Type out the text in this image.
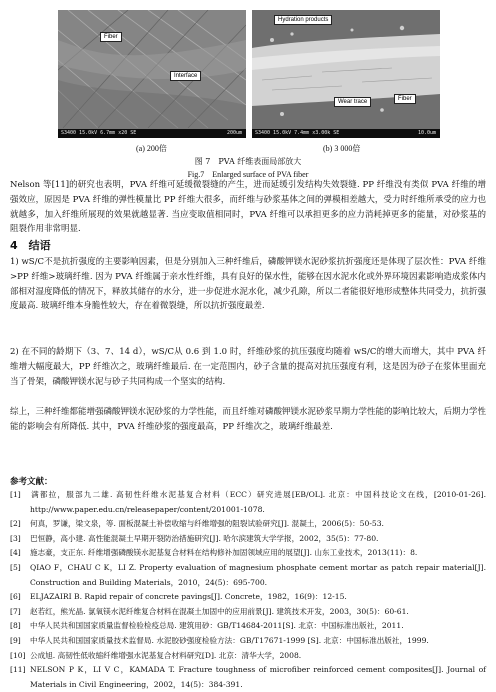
Fiber
Interface
S3400 15.0kV 6.7mm x20 SE	200um
Hydration products
Wear trace	Fiber
S3400 15.0kV 7.4mm x3.00k SE	10.0um
(a) 200倍	(b) 3 000倍
图 7　PVA 纤维表面局部放大
Fig.7　Enlarged surface of PVA fiber
Nelson 等[11]的研究也表明，PVA 纤维可延缓微裂缝的产生，进而延缓引发结构失效裂缝. PP 纤维没有类似 PVA 纤维的增强效应，原因是 PVA 纤维的弹性模量比 PP 纤维大很多，而纤维与砂浆基体之间的弹模相差越大，受力时纤维所承受的应力也就越多，加入纤维所展现的效果就越显著. 当应变取值相同时，PVA 纤维可以承担更多的应力消耗掉更多的能量，对砂浆基的阻裂作用非常明显.
4　结语
1) wS/C不是抗折强度的主要影响因素，但是分别加入三种纤维后，磷酸钾镁水泥砂浆抗折强度还是体现了层次性：PVA 纤维>PP 纤维>玻璃纤维. 因为 PVA 纤维属于亲水性纤维，具有良好的保水性，能够在因水泥水化或外界环境因素影响造成浆体内部相对湿度降低的情况下，释放其储存的水分，进一步促进水泥水化，减少孔隙，所以二者能很好地形成整体共同受力，抗折强度最高. 玻璃纤维本身脆性较大，存在着微裂缝，所以抗折强度最差.
2) 在不同的龄期下（3、7、14 d），wS/C从 0.6 到 1.0 时，纤维砂浆的抗压强度均随着 wS/C的增大而增大，其中 PVA 纤维增大幅度最大，PP 纤维次之，玻璃纤维最后. 在一定范围内，砂子含量的提高对抗压强度有利，这是因为砂子在浆体里面充当了骨架，磷酸钾镁水泥与砂子共同构成一个坚实的结构.
综上，三种纤维都能增强磷酸钾镁水泥砂浆的力学性能，而且纤维对磷酸钾镁水泥砂浆早期力学性能的影响比较大，后期力学性能的影响会有所降低. 其中，PVA 纤维砂浆的强度最高，PP 纤维次之，玻璃纤维最差.
参考文献：
[1] 满都拉，服部九二雄. 高韧性纤维水泥基复合材料（ECC）研究进展[EB/OL]. 北京：中国科技论文在线，[2010-01-26]. http://www.paper.edu.cn/releasepaper/content/201001-1078.
[2] 何真，罗谦，梁文泉，等. 面板混凝土补偿收缩与纤维增强的阻裂试验研究[J]. 混凝土，2006(5)：50-53.
[3] 巴恒静，高小建. 高性能混凝土早期开裂防治措施研究[J]. 哈尔滨建筑大学学报，2002，35(5)：77-80.
[4] 施志豪，支正东. 纤维增强磷酸镁水泥基复合材料在结构修补加固领域应用的展望[J]. 山东工业技术，2013(11)：8.
[5] QIAO F，CHAU C K，LI Z. Property evaluation of magnesium phosphate cement mortar as patch repair material[J]. Construction and Building Materials，2010，24(5)：695-700.
[6] ELJAZAIRI B. Rapid repair of concrete pavings[J]. Concrete，1982，16(9)：12-15.
[7] 赵若红，熊光晶. 氯氧镁水泥纤维复合材料在混凝土加固中的应用前景[J]. 建筑技术开发，2003，30(5)：60-61.
[8] 中华人民共和国国家质量监督检验检疫总局. 建筑用砂：GB/T14684-2011[S]. 北京：中国标准出版社，2011.
[9] 中华人民共和国国家质量技术监督局. 水泥胶砂强度检验方法：GB/T17671-1999 [S]. 北京：中国标准出版社，1999.
[10] 公成旭. 高韧性低收缩纤维增强水泥基复合材料研究[D]. 北京：清华大学，2008.
[11] NELSON P K，LI V C，KAMADA T. Fracture toughness of microfiber reinforced cement composites[J]. Journal of Materials in Civil Engineering，2002，14(5)：384-391.
